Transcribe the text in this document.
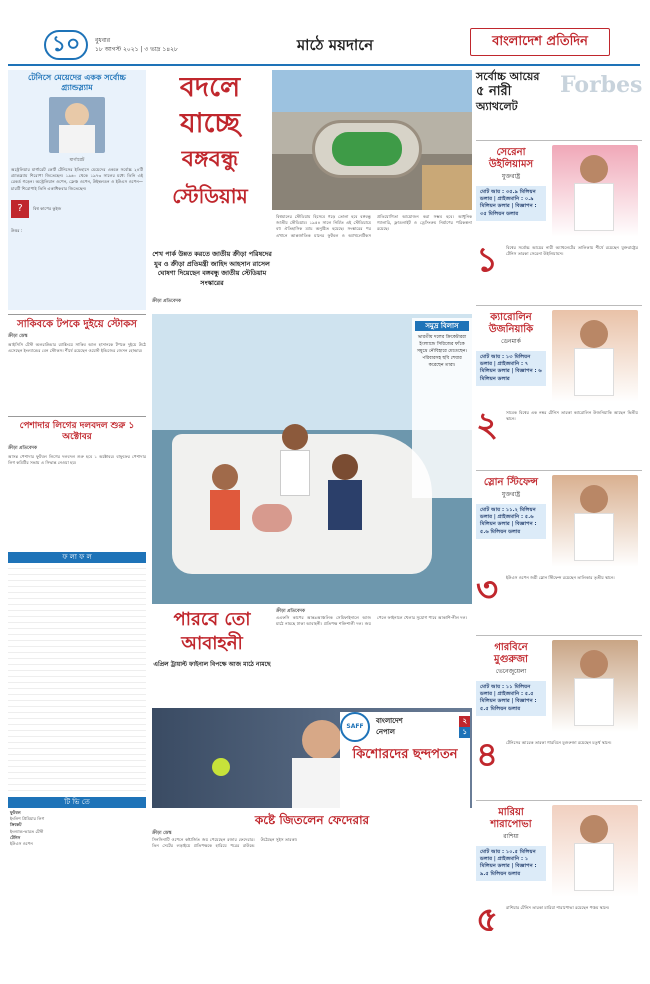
১০	বুধবার
১৮ আগস্ট ২০২১ | ৩ ভাদ্র ১৪২৮	মাঠে ময়দানে	বাংলাদেশ প্রতিদিন
টেনিসে মেয়েদের একক সর্বোচ্চ গ্র্যান্ডস্ল্যাম
মার্গারেট
অস্ট্রেলিয়ার মার্গারেট কোর্ট টেনিসের ইতিহাসে মেয়েদের এককে সর্বোচ্চ ২৪টি গ্র্যান্ডস্ল্যাম শিরোপা জিতেছেন। ১৯৬০ থেকে ১৯৭৩ সালের মধ্যে তিনি এই রেকর্ড গড়েন। অস্ট্রেলিয়ান ওপেন, ফ্রেঞ্চ ওপেন, উইম্বলডন ও ইউএস ওপেন—চারটি শিরোপাই তিনি একাধিকবার জিতেছেন।
?	বিশ্ব কাপের কুইজ
উত্তর :
সাকিবকে টপকে দুইয়ে স্টোকস
ক্রীড়া ডেস্ক
আইসিসি টেস্ট অলরাউন্ডার র‍্যাঙ্কিংয়ে সাকিব আল হাসানকে টপকে দুইয়ে উঠে এসেছেন ইংল্যান্ডের বেন স্টোকস। শীর্ষে রয়েছেন ওয়েস্ট ইন্ডিজের জেসন হোল্ডার।
পেশাদার লিগের দলবদল শুরু ১ অক্টোবর
ক্রীড়া প্রতিবেদক
আসন্ন পেশাদার ফুটবল লিগের দলবদল শুরু হবে ১ অক্টোবর। বাফুফের পেশাদার লিগ কমিটির সভায় এ সিদ্ধান্ত নেওয়া হয়।
ফ লা ফ ল
টি ভি তে
ফুটবল
ইংলিশ প্রিমিয়ার লিগ
ক্রিকেট
ইংল্যান্ড-ভারত টেস্ট
টেনিস
ইউএস ওপেন
বদলে
যাচ্ছে
বঙ্গবন্ধু
স্টেডিয়াম
শেখ পার্ক উন্নত করতে জাতীয় ক্রীড়া পরিষদের যুব ও ক্রীড়া প্রতিমন্ত্রী জাহিদ আহসান রাসেল ঘোষণা দিয়েছেন বঙ্গবন্ধু জাতীয় স্টেডিয়াম সংস্কারের
বিশ্বমানের স্টেডিয়াম হিসেবে গড়ে তোলা হবে বঙ্গবন্ধু জাতীয় স্টেডিয়াম। ১৯৫৪ সালে নির্মিত এই স্টেডিয়ামে বহু ঐতিহাসিক ম্যাচ অনুষ্ঠিত হয়েছে। সংস্কারের পর এখানে আন্তর্জাতিক মানের ফুটবল ও অ্যাথলেটিকস প্রতিযোগিতা আয়োজন করা সম্ভব হবে। আধুনিক গ্যালারি, ফ্লাডলাইট ও ড্রেসিংরুম নির্মাণের পরিকল্পনা রয়েছে।
ক্রীড়া প্রতিবেদক
সমুদ্র বিলাস
ভারতীয় দলের ক্রিকেটাররা ইংল্যান্ডে সিরিজের ফাঁকে সমুদ্রে নৌবিহারে মেতেছেন। পরিবারসহ ছবি শেয়ার করেছেন তারা।
পারবে তো
আবাহনী
এপ্রিল ট্রায়াল্ট ফাইনাল বিপক্ষে আজ মাঠে নামছে
ক্রীড়া প্রতিবেদক
এএফসি কাপের আন্তঃআঞ্চলিক সেমিফাইনালে আজ মাঠে নামছে ঢাকা আবাহনী। প্রতিপক্ষ শক্তিশালী দল। জয় পেলে ফাইনালে খেলার সুযোগ পাবে আকাশি-নীল দল।
কষ্টে জিতলেন ফেদেরার
ক্রীড়া ডেস্ক
সিনসিনাটি ওপেনে কষ্টার্জিত জয় পেয়েছেন রজার ফেদেরার। তিন সেটের লড়াইয়ে প্রতিপক্ষকে হারিয়ে পরের রাউন্ডে উঠেছেন সুইস তারকা।
সর্বোচ্চ আয়ের
৫ নারী
অ্যাথলেট
Forbes
সেরেনা উইলিয়ামস
যুক্তরাষ্ট্র
মোট আয় : ৩৫.৯ মিলিয়ন ডলার | প্রাইজমানি : ০.৯ মিলিয়ন ডলার | বিজ্ঞাপন : ৩৫ মিলিয়ন ডলার
১	বিশ্বের সর্বোচ্চ আয়ের নারী অ্যাথলেটের তালিকায় শীর্ষে রয়েছেন যুক্তরাষ্ট্রের টেনিস তারকা সেরেনা উইলিয়ামস।
ক্যারোলিন উজনিয়াকি
ডেনমার্ক
মোট আয় : ১৩ মিলিয়ন ডলার | প্রাইজমানি : ৭ মিলিয়ন ডলার | বিজ্ঞাপন : ৬ মিলিয়ন ডলার
২	সাবেক বিশ্বের এক নম্বর টেনিস তারকা ক্যারোলিন উজনিয়াকি আছেন দ্বিতীয় স্থানে।
স্লোন স্টিফেন্স
যুক্তরাষ্ট্র
মোট আয় : ১১.২ মিলিয়ন ডলার | প্রাইজমানি : ৫.৬ মিলিয়ন ডলার | বিজ্ঞাপন : ৫.৬ মিলিয়ন ডলার
৩	ইউএস ওপেন জয়ী স্লোন স্টিফেন্স রয়েছেন তালিকার তৃতীয় স্থানে।
গারবিনে মুগুরুজা
ভেনেজুয়েলা
মোট আয় : ১১ মিলিয়ন ডলার | প্রাইজমানি : ৫.৫ মিলিয়ন ডলার | বিজ্ঞাপন : ৫.৫ মিলিয়ন ডলার
৪	টেনিসের আরেক তারকা গারবিনে মুগুরুজা রয়েছেন চতুর্থ স্থানে।
মারিয়া শারাপোভা
রাশিয়া
মোট আয় : ১০.৫ মিলিয়ন ডলার | প্রাইজমানি : ১ মিলিয়ন ডলার | বিজ্ঞাপন : ৯.৫ মিলিয়ন ডলার
৫	রাশিয়ার টেনিস তারকা মারিয়া শারাপোভা রয়েছেন পঞ্চম স্থানে।
SAFF
বাংলাদেশ	২
নেপাল	১
কিশোরদের ছন্দপতন
